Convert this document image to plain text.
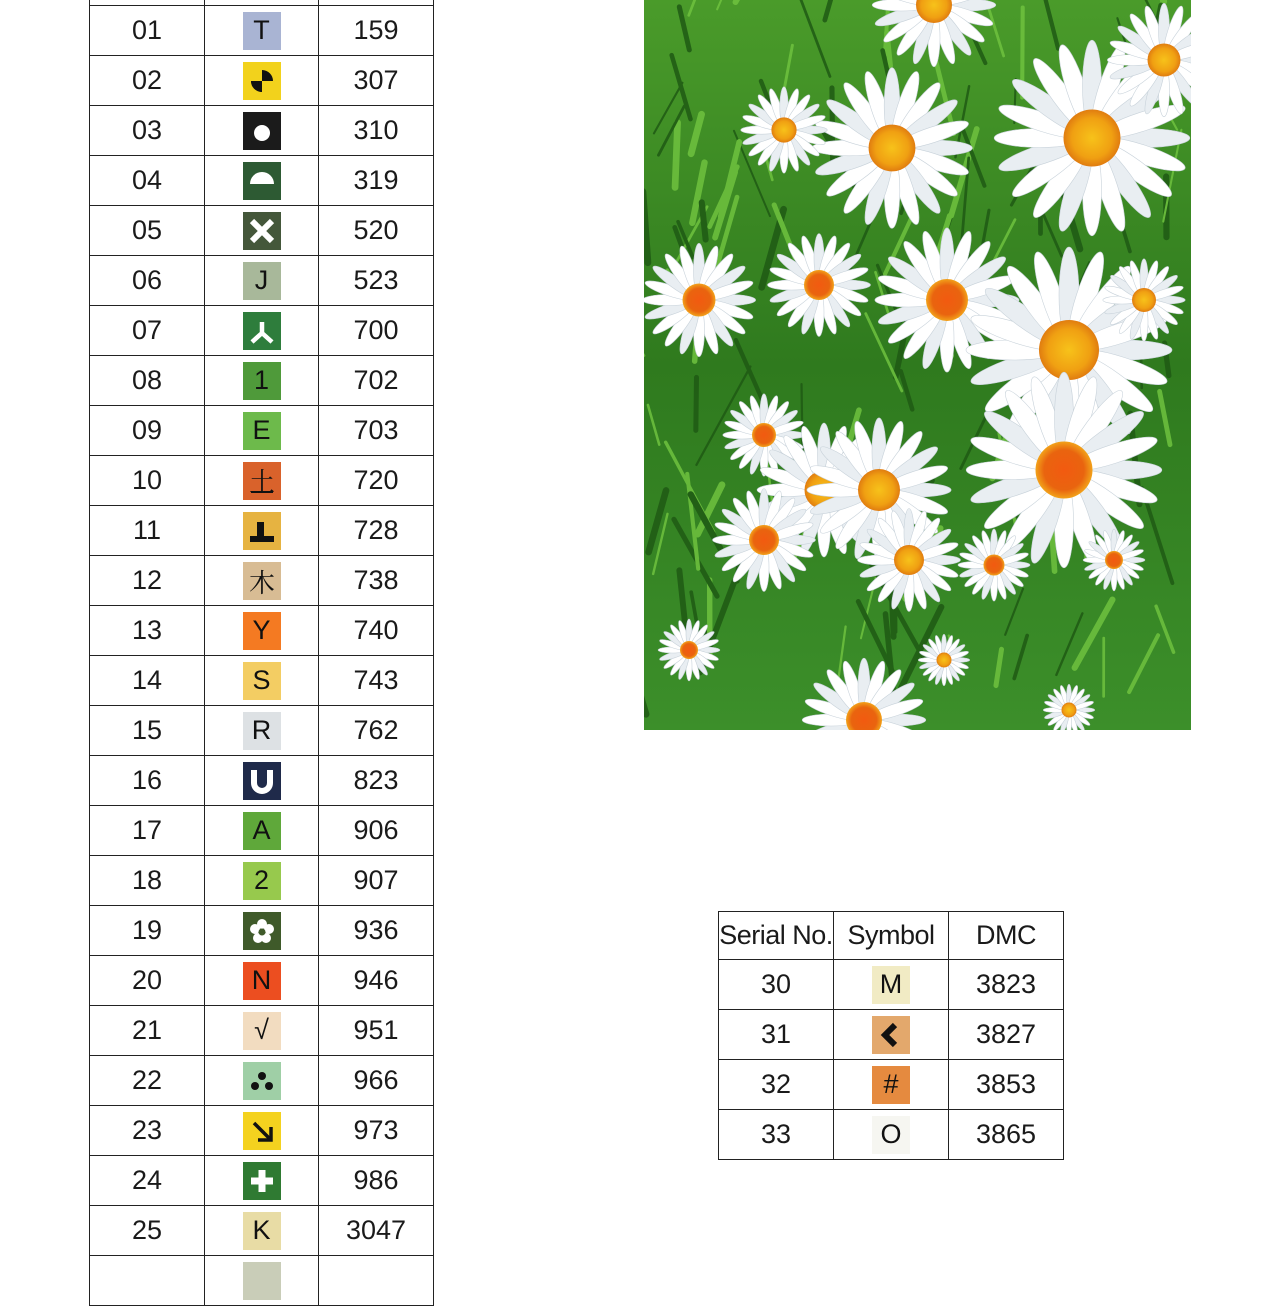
01	T	159
02		307
03		310
04		319
05		520
06	J	523
07		700
08	1	702
09	E	703
10	土	720
11		728
12	木	738
13	Y	740
14	S	743
15	R	762
16		823
17	A	906
18	2	907
19		936
20	N	946
21	√	951
22		966
23		973
24		986
25	K	3047

Serial No.	Symbol	DMC
30	M	3823
31		3827
32	#	3853
33	O	3865
